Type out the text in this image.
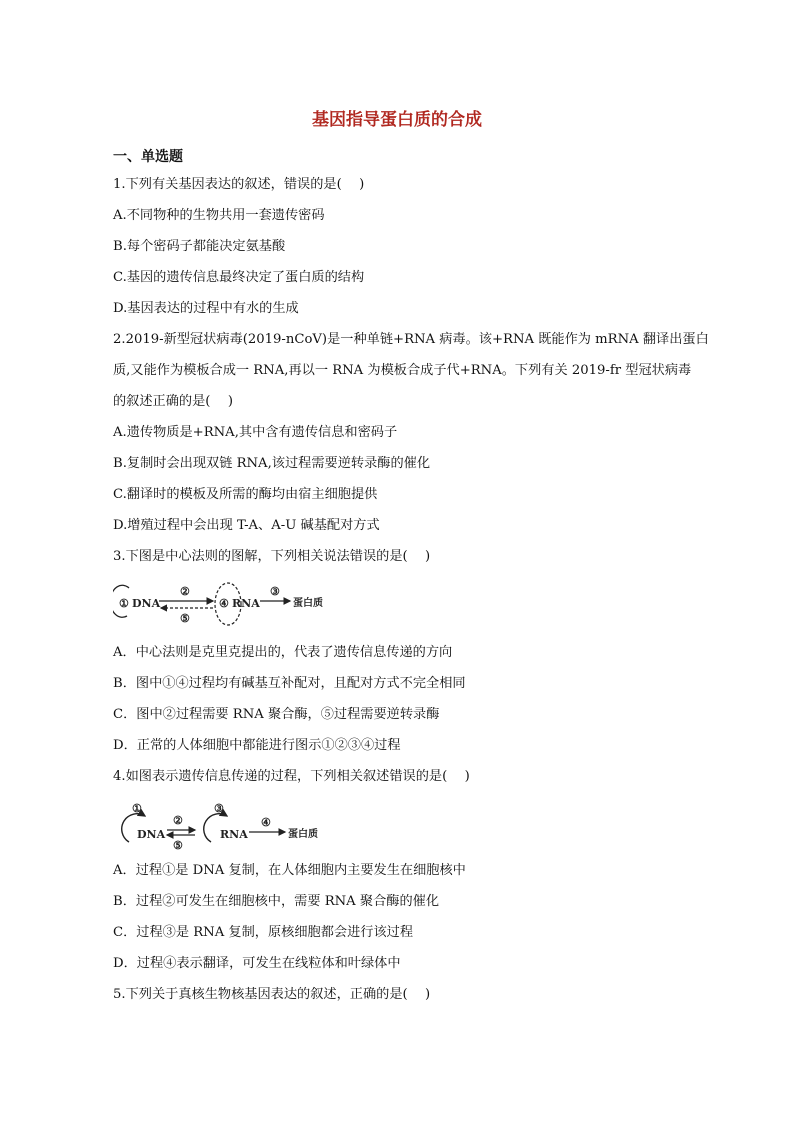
基因指导蛋白质的合成
一、单选题
1.下列有关基因表达的叙述，错误的是(　 )
A.不同物种的生物共用一套遗传密码
B.每个密码子都能决定氨基酸
C.基因的遗传信息最终决定了蛋白质的结构
D.基因表达的过程中有水的生成
2.2019-新型冠状病毒(2019-nCoV)是一种单链+RNA 病毒。该+RNA 既能作为 mRNA 翻译出蛋白
质,又能作为模板合成一 RNA,再以一 RNA 为模板合成子代+RNA。下列有关 2019-fr 型冠状病毒
的叙述正确的是(　 )
A.遗传物质是+RNA,其中含有遗传信息和密码子
B.复制时会出现双链 RNA,该过程需要逆转录酶的催化
C.翻译时的模板及所需的酶均由宿主细胞提供
D.增殖过程中会出现 T-A、A-U 碱基配对方式
3.下图是中心法则的图解，下列相关说法错误的是(　 )
① DNA
②
⑤
④ RNA
③
蛋白质
A．中心法则是克里克提出的，代表了遗传信息传递的方向
B．图中①④过程均有碱基互补配对，且配对方式不完全相同
C．图中②过程需要 RNA 聚合酶，⑤过程需要逆转录酶
D．正常的人体细胞中都能进行图示①②③④过程
4.如图表示遗传信息传递的过程，下列相关叙述错误的是(　 )
①
DNA
②
⑤
③
RNA
④
蛋白质
A．过程①是 DNA 复制，在人体细胞内主要发生在细胞核中
B．过程②可发生在细胞核中，需要 RNA 聚合酶的催化
C．过程③是 RNA 复制，原核细胞都会进行该过程
D．过程④表示翻译，可发生在线粒体和叶绿体中
5.下列关于真核生物核基因表达的叙述，正确的是(　 )
